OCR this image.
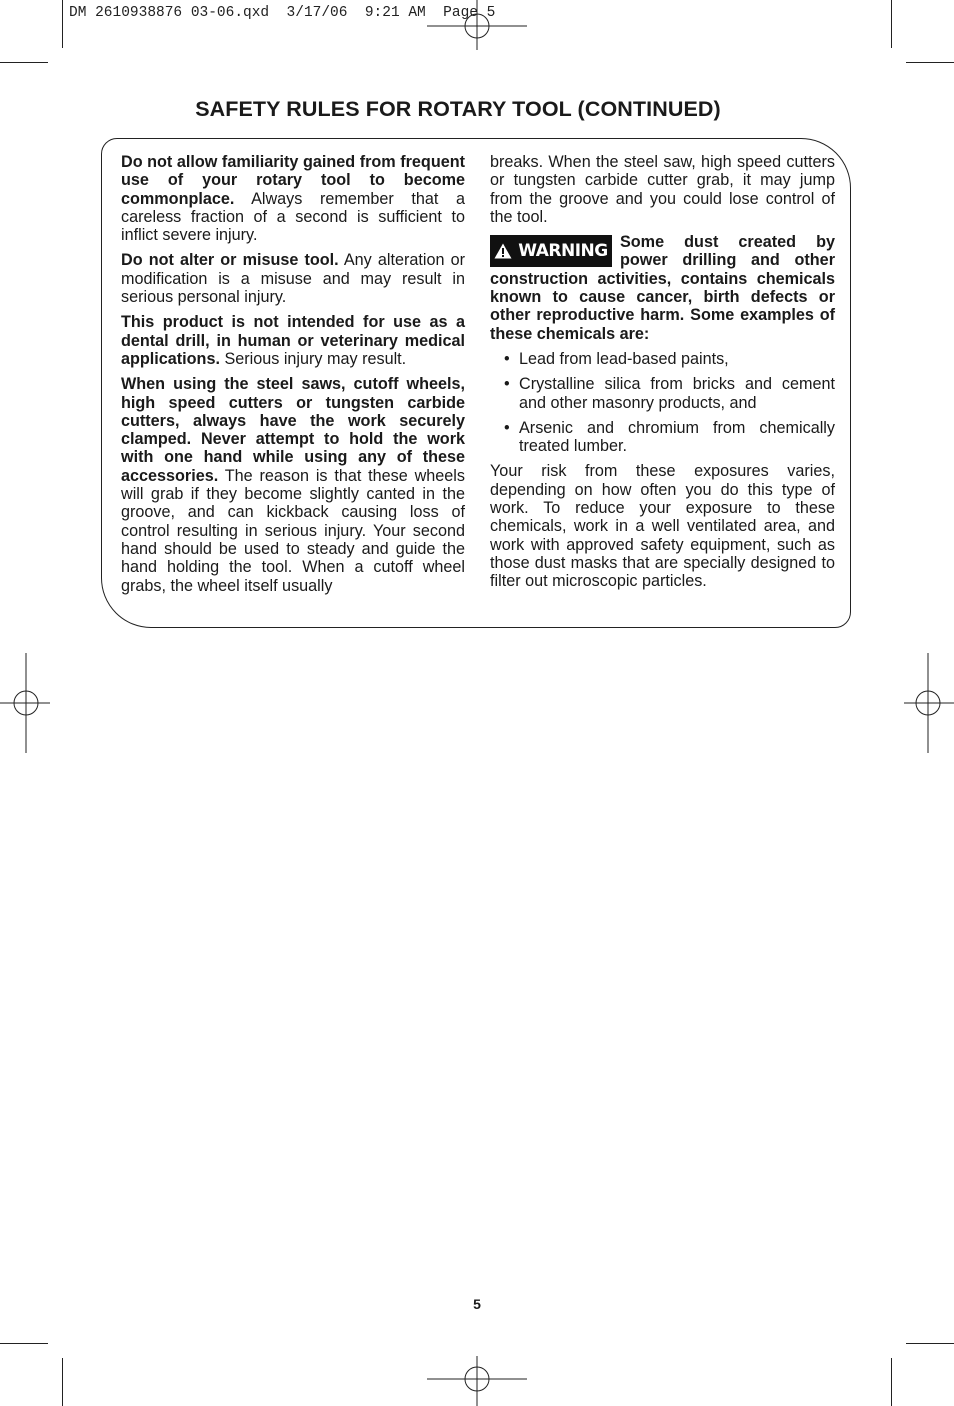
DM 2610938876 03-06.qxd  3/17/06  9:21 AM  Page 5
SAFETY RULES FOR ROTARY TOOL (CONTINUED)

Do not allow familiarity gained from frequent use of your rotary tool to become commonplace. Always remember that a careless fraction of a second is sufficient to inflict severe injury.

Do not alter or misuse tool. Any alteration or modification is a misuse and may result in serious personal injury.

This product is not intended for use as a dental drill, in human or veterinary medical applications. Serious injury may result.

When using the steel saws, cutoff wheels, high speed cutters or tungsten carbide cutters, always have the work securely clamped. Never attempt to hold the work with one hand while using any of these accessories. The reason is that these wheels will grab if they become slightly canted in the groove, and can kickback causing loss of control resulting in serious injury. Your second hand should be used to steady and guide the hand holding the tool. When a cutoff wheel grabs, the wheel itself usually

breaks. When the steel saw, high speed cutters or tungsten carbide cutter grab, it may jump from the groove and you could lose control of the tool.

WARNING Some dust created by power drilling and other construction activities, contains chemicals known to cause cancer, birth defects or other reproductive harm. Some examples of these chemicals are:
• Lead from lead-based paints,
• Crystalline silica from bricks and cement and other masonry products, and
• Arsenic and chromium from chemically treated lumber.

Your risk from these exposures varies, depending on how often you do this type of work. To reduce your exposure to these chemicals, work in a well ventilated area, and work with approved safety equipment, such as those dust masks that are specially designed to filter out microscopic particles.

5
